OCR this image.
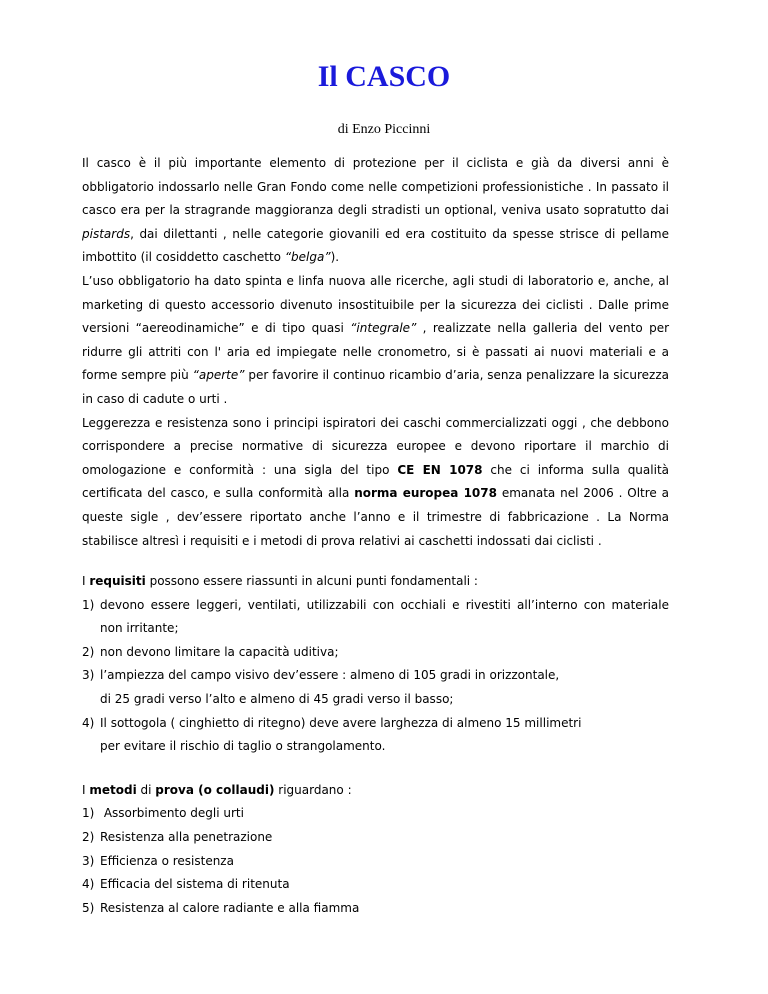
Il CASCO
di Enzo Piccinni

Il casco è il più importante elemento di protezione per il ciclista e già da diversi anni è obbligatorio indossarlo nelle Gran Fondo come nelle competizioni professionistiche . In passato il casco era per la stragrande maggioranza degli stradisti un optional, veniva usato sopratutto dai pistards, dai dilettanti , nelle categorie giovanili ed era costituito da spesse strisce di pellame imbottito (il cosiddetto caschetto “belga”).

L’uso obbligatorio ha dato spinta e linfa nuova alle ricerche, agli studi di laboratorio e, anche, al marketing di questo accessorio divenuto insostituibile per la sicurezza dei ciclisti . Dalle prime versioni “aereodinamiche” e di tipo quasi “integrale” , realizzate nella galleria del vento per ridurre gli attriti con l' aria ed impiegate nelle cronometro, si è passati ai nuovi materiali e a forme sempre più “aperte” per favorire il continuo ricambio d’aria, senza penalizzare la sicurezza in caso di cadute o urti .

Leggerezza e resistenza sono i principi ispiratori dei caschi commercializzati oggi , che debbono corrispondere a precise normative di sicurezza europee e devono riportare il marchio di omologazione e conformità : una sigla del tipo CE EN 1078 che ci informa sulla qualità certificata del casco, e sulla conformità alla norma europea 1078 emanata nel 2006 . Oltre a queste sigle , dev’essere riportato anche l’anno e il trimestre di fabbricazione . La Norma stabilisce altresì i requisiti e i metodi di prova relativi ai caschetti indossati dai ciclisti .

I requisiti possono essere riassunti in alcuni punti fondamentali :

1) devono essere leggeri, ventilati, utilizzabili con occhiali e rivestiti all’interno con materiale non irritante;
2) non devono limitare la capacità uditiva;
3) l’ampiezza del campo visivo dev’essere : almeno di 105 gradi in orizzontale,
di 25 gradi verso l’alto e almeno di 45 gradi verso il basso;
4) Il sottogola ( cinghietto di ritegno) deve avere larghezza di almeno 15 millimetri
per evitare il rischio di taglio o strangolamento.

I metodi di prova (o collaudi) riguardano :

1) Assorbimento degli urti
2) Resistenza alla penetrazione
3) Efficienza o resistenza
4) Efficacia del sistema di ritenuta
5) Resistenza al calore radiante e alla fiamma
